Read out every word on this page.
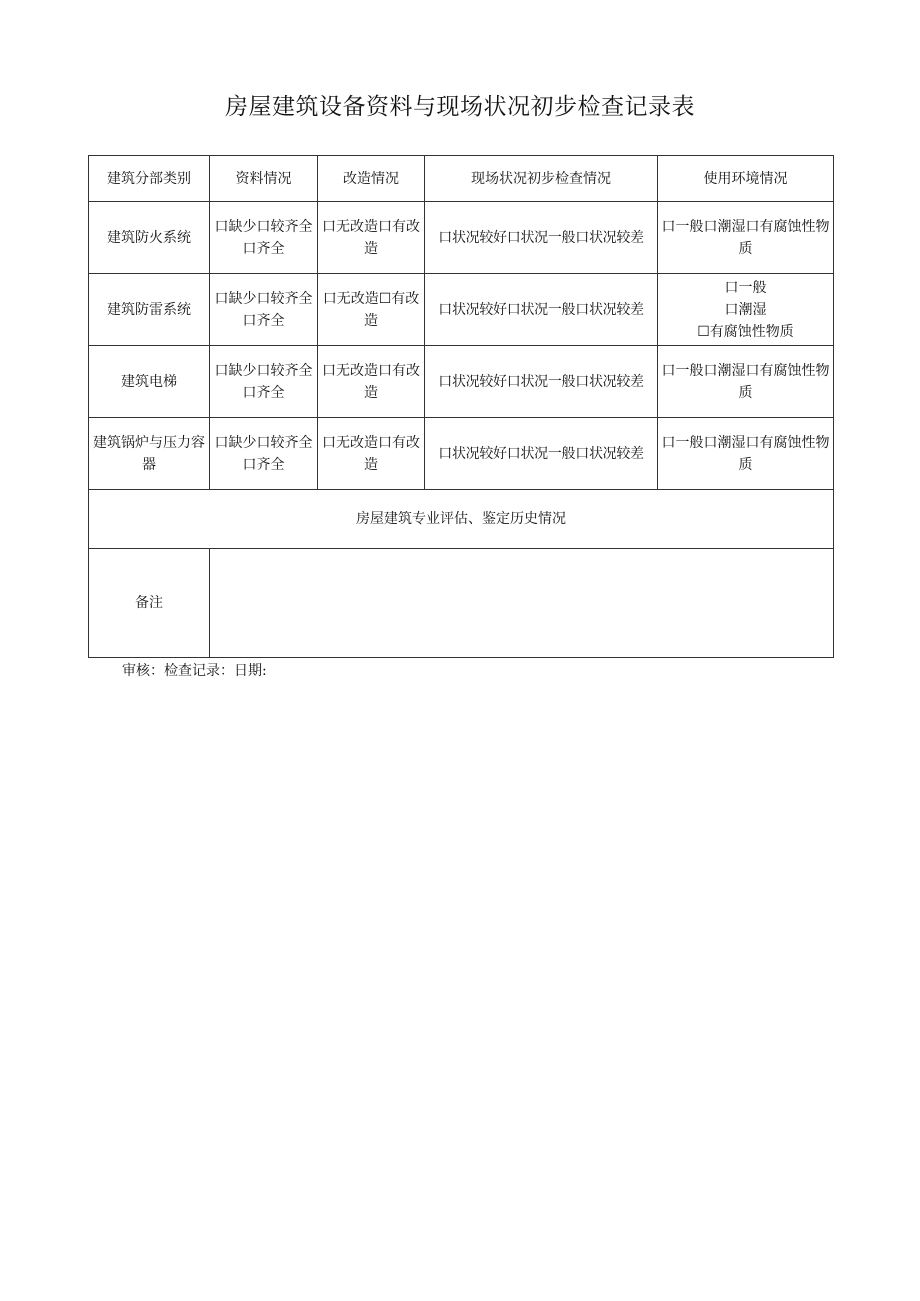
房屋建筑设备资料与现场状况初步检查记录表
建筑分部类别	资料情况	改造情况	现场状况初步检查情况	使用环境情况
建筑防火系统	口缺少口较齐全口齐全	口无改造口有改造	口状况较好口状况一般口状况较差	口一般口潮湿口有腐蚀性物质

建筑防雷系统	口缺少口较齐全口齐全	口无改造☐有改造	口状况较好口状况一般口状况较差	口一般
口潮湿
☐有腐蚀性物质

建筑电梯	口缺少口较齐全口齐全	口无改造口有改造	口状况较好口状况一般口状况较差	口一般口潮湿口有腐蚀性物质

建筑锅炉与压力容器	口缺少口较齐全口齐全	口无改造口有改造	口状况较好口状况一般口状况较差	口一般口潮湿口有腐蚀性物质

房屋建筑专业评估、鉴定历史情况				
备注				
审核：检查记录：日期:
